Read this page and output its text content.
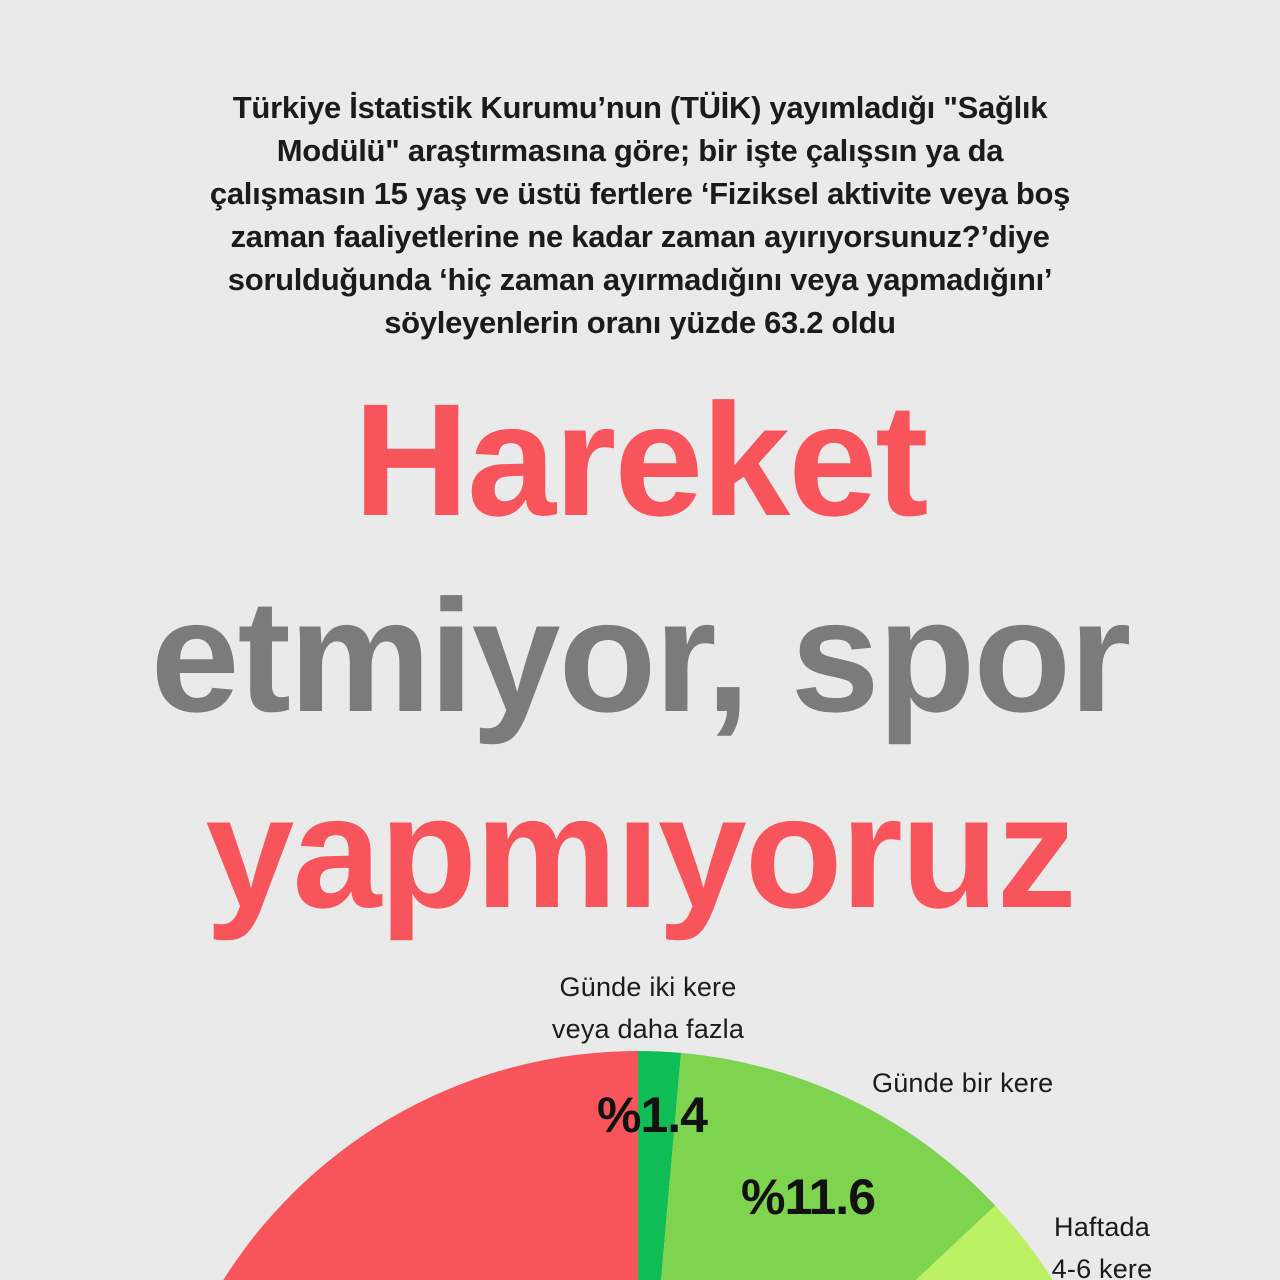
Türkiye İstatistik Kurumu’nun (TÜİK) yayımladığı "Sağlık
Modülü" araştırmasına göre; bir işte çalışsın ya da
çalışmasın 15 yaş ve üstü fertlere ‘Fiziksel aktivite veya boş
zaman faaliyetlerine ne kadar zaman ayırıyorsunuz?’diye
sorulduğunda ‘hiç zaman ayırmadığını veya yapmadığını’
söyleyenlerin oranı yüzde 63.2 oldu
Hareket
etmiyor, spor
yapmıyoruz
Günde iki kere
veya daha fazla
%1.4
Günde bir kere
%11.6
Haftada
4-6 kere
